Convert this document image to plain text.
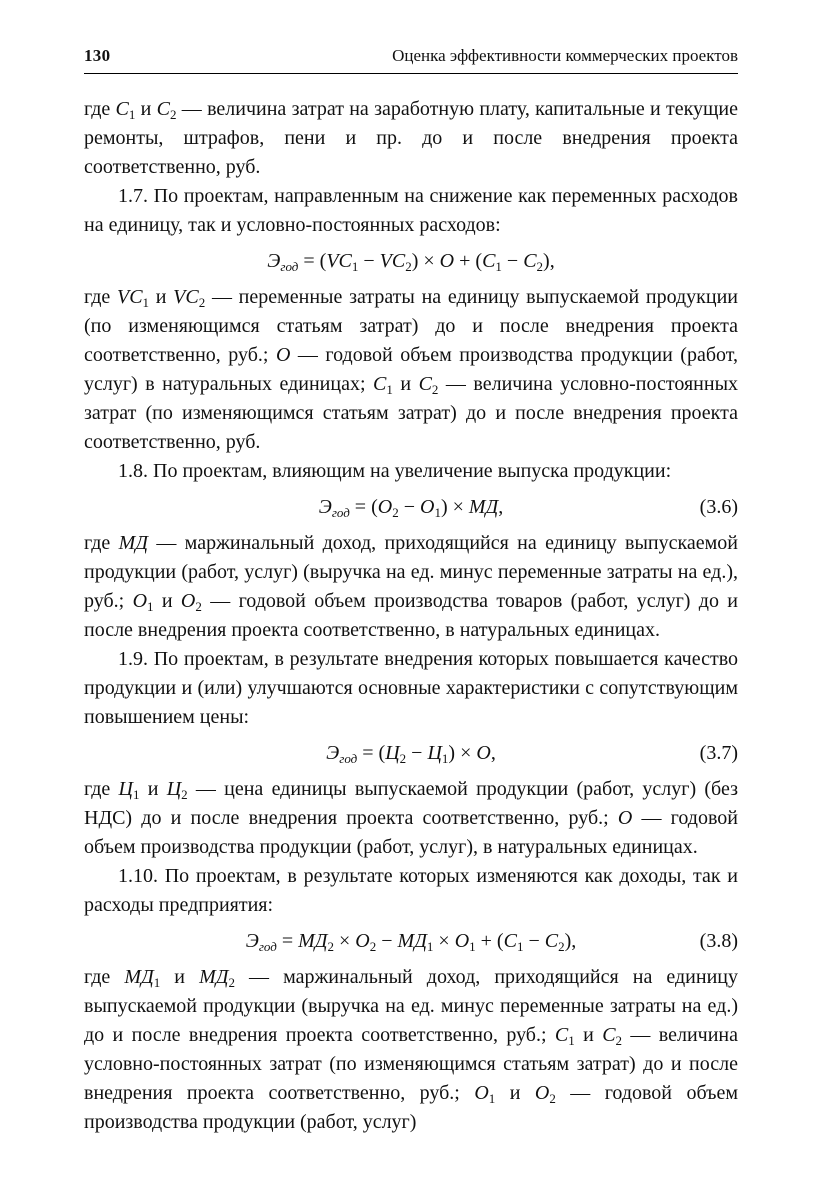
130	Оценка эффективности коммерческих проектов

где $С_1$ и $С_2$ — величина затрат на заработную плату, капитальные и текущие ремонты, штрафов, пени и пр. до и после внедрения проекта соответственно, руб.

1.7. По проектам, направленным на снижение как переменных расходов на единицу, так и условно-постоянных расходов:

$Э_{год} = (VC_1 - VC_2) \times О + (С_1 - С_2)$,

где $VC_1$ и $VC_2$ — переменные затраты на единицу выпускаемой продукции (по изменяющимся статьям затрат) до и после внедрения проекта соответственно, руб.; О — годовой объем производства продукции (работ, услуг) в натуральных единицах; $С_1$ и $С_2$ — величина условно-постоянных затрат (по изменяющимся статьям затрат) до и после внедрения проекта соответственно, руб.

1.8. По проектам, влияющим на увеличение выпуска продукции:

$Э_{год} = (О_2 - О_1)$ × МД,	(3.6)

где МД — маржинальный доход, приходящийся на единицу выпускаемой продукции (работ, услуг) (выручка на ед. минус переменные затраты на ед.), руб.; $О_1$ и $О_2$ — годовой объем производства товаров (работ, услуг) до и после внедрения проекта соответственно, в натуральных единицах.

1.9. По проектам, в результате внедрения которых повышается качество продукции и (или) улучшаются основные характеристики с сопутствующим повышением цены:

$Э_{год} = (Ц_2 - Ц_1) \times О$,	(3.7)

где $Ц_1$ и $Ц_2$ — цена единицы выпускаемой продукции (работ, услуг) (без НДС) до и после внедрения проекта соответственно, руб.; О — годовой объем производства продукции (работ, услуг), в натуральных единицах.

1.10. По проектам, в результате которых изменяются как доходы, так и расходы предприятия:

$Э_{год} = МД_2 \times О_2 - МД_1 \times О_1 + (С_1 - С_2)$,	(3.8)

где $МД_1$ и $МД_2$ — маржинальный доход, приходящийся на единицу выпускаемой продукции (выручка на ед. минус переменные затраты на ед.) до и после внедрения проекта соответственно, руб.; $С_1$ и $С_2$ — величина условно-постоянных затрат (по изменяющимся статьям затрат) до и после внедрения проекта соответственно, руб.; $О_1$ и $О_2$ — годовой объем производства продукции (работ, услуг)
